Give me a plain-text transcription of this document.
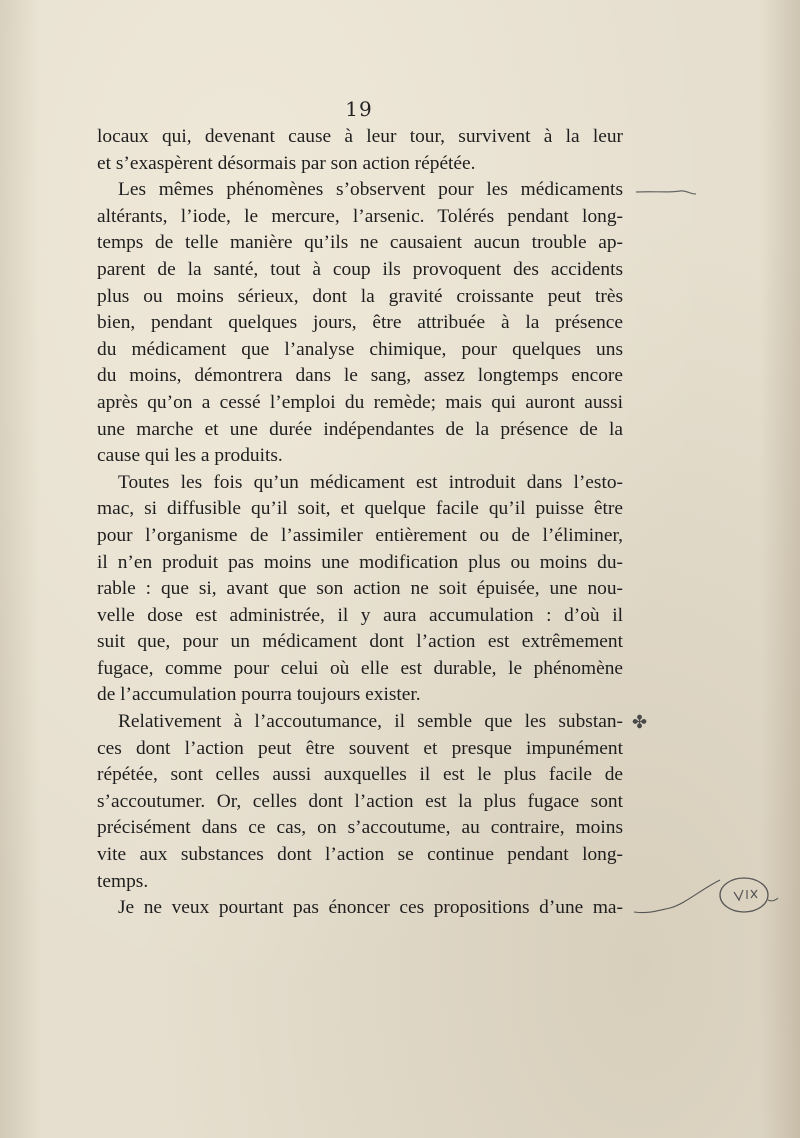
19
locaux qui, devenant cause à leur tour, survivent à la leur
et s’exaspèrent désormais par son action répétée.
Les mêmes phénomènes s’observent pour les médicaments
altérants, l’iode, le mercure, l’arsenic. Tolérés pendant long-
temps de telle manière qu’ils ne causaient aucun trouble ap-
parent de la santé, tout à coup ils provoquent des accidents
plus ou moins sérieux, dont la gravité croissante peut très
bien, pendant quelques jours, être attribuée à la présence
du médicament que l’analyse chimique, pour quelques uns
du moins, démontrera dans le sang, assez longtemps encore
après qu’on a cessé l’emploi du remède; mais qui auront aussi
une marche et une durée indépendantes de la présence de la
cause qui les a produits.
Toutes les fois qu’un médicament est introduit dans l’esto-
mac, si diffusible qu’il soit, et quelque facile qu’il puisse être
pour l’organisme de l’assimiler entièrement ou de l’éliminer,
il n’en produit pas moins une modification plus ou moins du-
rable : que si, avant que son action ne soit épuisée, une nou-
velle dose est administrée, il y aura accumulation : d’où il
suit que, pour un médicament dont l’action est extrêmement
fugace, comme pour celui où elle est durable, le phénomène
de l’accumulation pourra toujours exister.
Relativement à l’accoutumance, il semble que les substan-
ces dont l’action peut être souvent et presque impunément
répétée, sont celles aussi auxquelles il est le plus facile de
s’accoutumer. Or, celles dont l’action est la plus fugace sont
précisément dans ce cas, on s’accoutume, au contraire, moins
vite aux substances dont l’action se continue pendant long-
temps.
Je ne veux pourtant pas énoncer ces propositions d’une ma-
✤
